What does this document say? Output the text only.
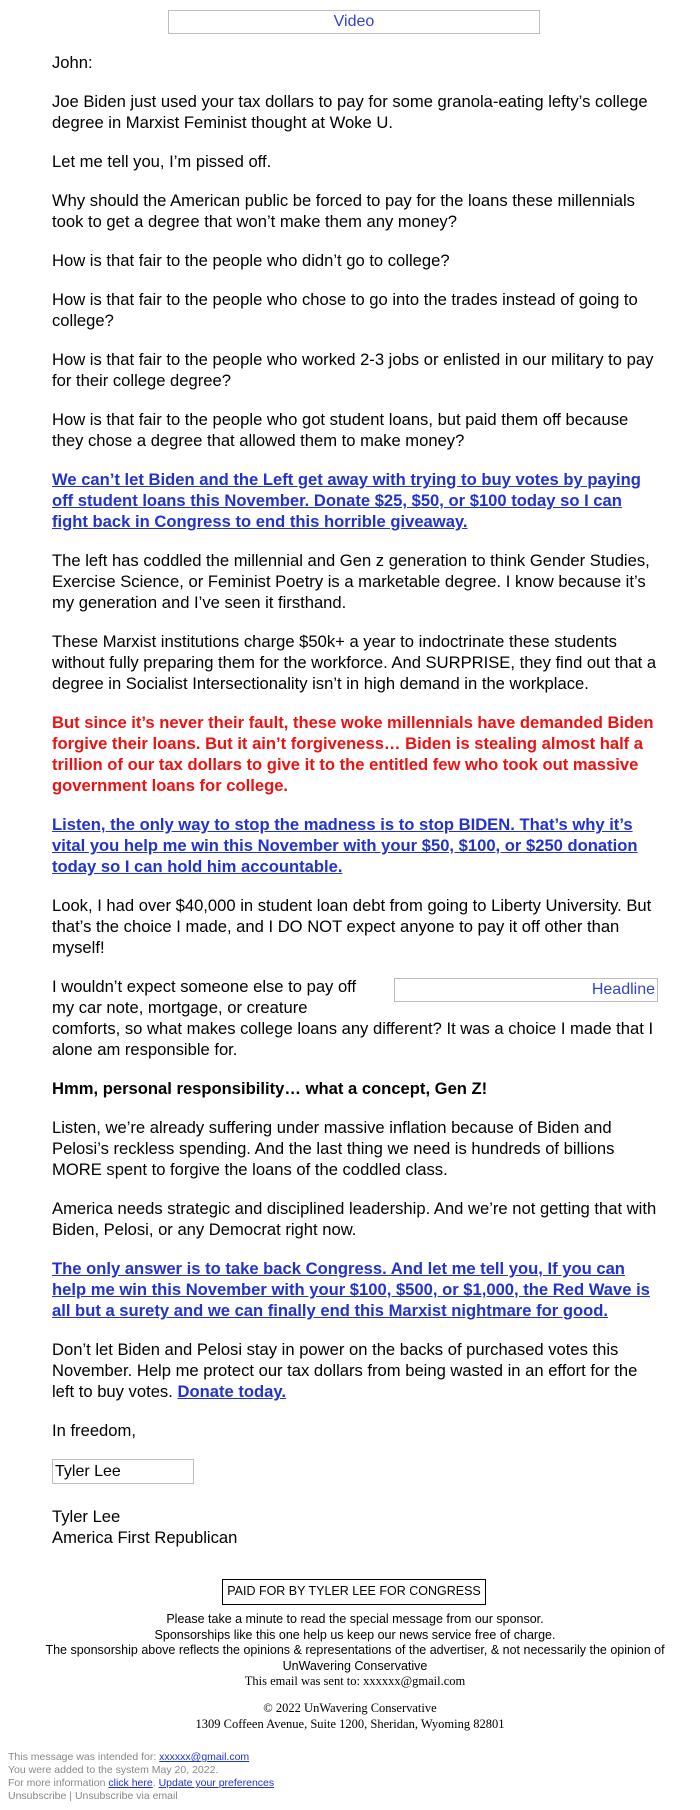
Video

John:

Joe Biden just used your tax dollars to pay for some granola-eating lefty’s college degree in Marxist Feminist thought at Woke U.

Let me tell you, I’m pissed off.

Why should the American public be forced to pay for the loans these millennials took to get a degree that won’t make them any money?

How is that fair to the people who didn’t go to college?

How is that fair to the people who chose to go into the trades instead of going to college?

How is that fair to the people who worked 2-3 jobs or enlisted in our military to pay for their college degree?

How is that fair to the people who got student loans, but paid them off because they chose a degree that allowed them to make money?

We can’t let Biden and the Left get away with trying to buy votes by paying off student loans this November. Donate $25, $50, or $100 today so I can fight back in Congress to end this horrible giveaway.

The left has coddled the millennial and Gen z generation to think Gender Studies, Exercise Science, or Feminist Poetry is a marketable degree. I know because it’s my generation and I’ve seen it firsthand.

These Marxist institutions charge $50k+ a year to indoctrinate these students without fully preparing them for the workforce. And SURPRISE, they find out that a degree in Socialist Intersectionality isn’t in high demand in the workplace.

But since it’s never their fault, these woke millennials have demanded Biden forgive their loans. But it ain’t forgiveness… Biden is stealing almost half a trillion of our tax dollars to give it to the entitled few who took out massive government loans for college.

Listen, the only way to stop the madness is to stop BIDEN. That’s why it’s vital you help me win this November with your $50, $100, or $250 donation today so I can hold him accountable.

Look, I had over $40,000 in student loan debt from going to Liberty University. But that’s the choice I made, and I DO NOT expect anyone to pay it off other than myself!

Headline
I wouldn’t expect someone else to pay off my car note, mortgage, or creature comforts, so what makes college loans any different? It was a choice I made that I alone am responsible for.

Hmm, personal responsibility… what a concept, Gen Z!

Listen, we’re already suffering under massive inflation because of Biden and Pelosi’s reckless spending. And the last thing we need is hundreds of billions MORE spent to forgive the loans of the coddled class.

America needs strategic and disciplined leadership. And we’re not getting that with Biden, Pelosi, or any Democrat right now.

The only answer is to take back Congress. And let me tell you, If you can help me win this November with your $100, $500, or $1,000, the Red Wave is all but a surety and we can finally end this Marxist nightmare for good.

Don’t let Biden and Pelosi stay in power on the backs of purchased votes this November. Help me protect our tax dollars from being wasted in an effort for the left to buy votes. Donate today.

In freedom,

Tyler Lee
Tyler Lee
America First Republican
PAID FOR BY TYLER LEE FOR CONGRESS
Please take a minute to read the special message from our sponsor.
Sponsorships like this one help us keep our news service free of charge.
The sponsorship above reflects the opinions & representations of the advertiser, & not necessarily the opinion of UnWavering Conservative
This email was sent to: xxxxxx@gmail.com
© 2022 UnWavering Conservative
1309 Coffeen Avenue, Suite 1200, Sheridan, Wyoming 82801
This message was intended for: xxxxxx@gmail.com
You were added to the system May 20, 2022.
For more information click here. Update your preferences
Unsubscribe | Unsubscribe via email
